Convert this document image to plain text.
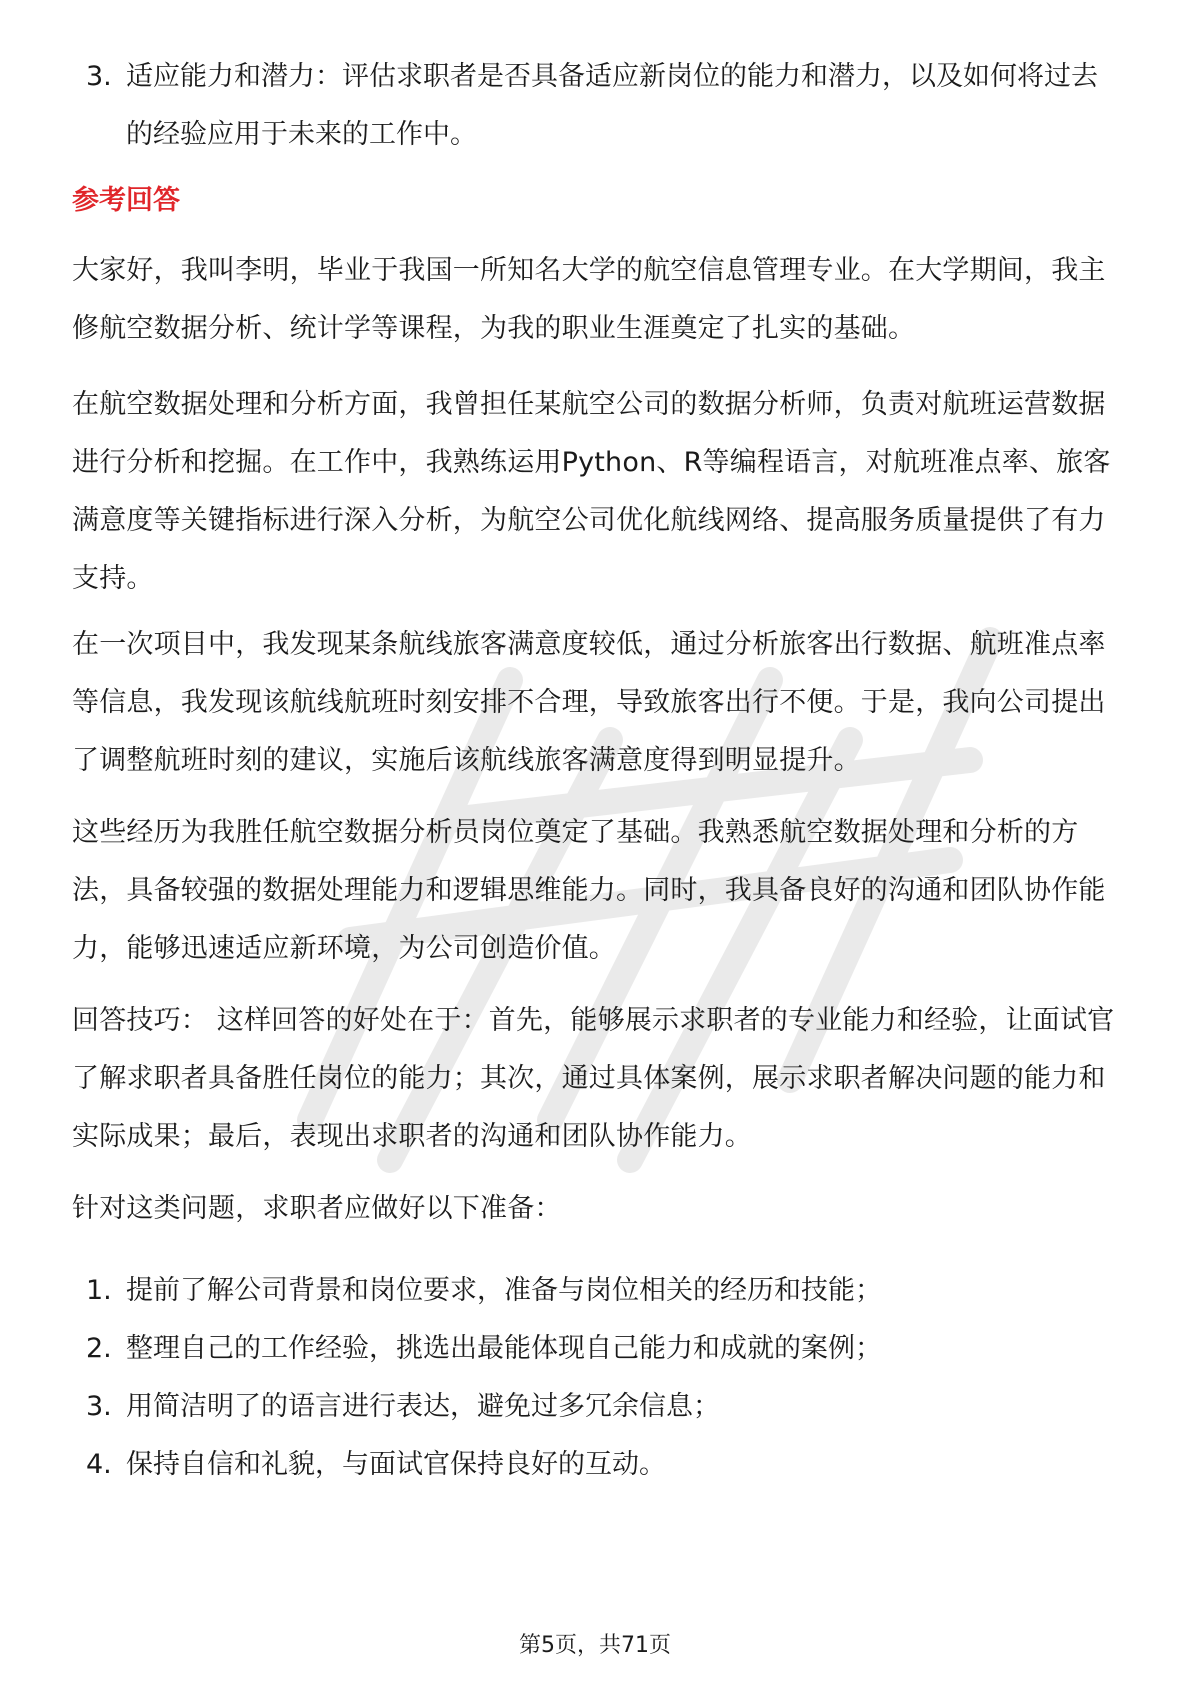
3. 适应能力和潜力：评估求职者是否具备适应新岗位的能力和潜力，以及如何将过去的经验应用于未来的工作中。
参考回答

大家好，我叫李明，毕业于我国一所知名大学的航空信息管理专业。在大学期间，我主修航空数据分析、统计学等课程，为我的职业生涯奠定了扎实的基础。

在航空数据处理和分析方面，我曾担任某航空公司的数据分析师，负责对航班运营数据进行分析和挖掘。在工作中，我熟练运用Python、R等编程语言，对航班准点率、旅客满意度等关键指标进行深入分析，为航空公司优化航线网络、提高服务质量提供了有力支持。

在一次项目中，我发现某条航线旅客满意度较低，通过分析旅客出行数据、航班准点率等信息，我发现该航线航班时刻安排不合理，导致旅客出行不便。于是，我向公司提出了调整航班时刻的建议，实施后该航线旅客满意度得到明显提升。

这些经历为我胜任航空数据分析员岗位奠定了基础。我熟悉航空数据处理和分析的方法，具备较强的数据处理能力和逻辑思维能力。同时，我具备良好的沟通和团队协作能力，能够迅速适应新环境，为公司创造价值。

回答技巧： 这样回答的好处在于：首先，能够展示求职者的专业能力和经验，让面试官了解求职者具备胜任岗位的能力；其次，通过具体案例，展示求职者解决问题的能力和实际成果；最后，表现出求职者的沟通和团队协作能力。

针对这类问题，求职者应做好以下准备：

1. 提前了解公司背景和岗位要求，准备与岗位相关的经历和技能；
2. 整理自己的工作经验，挑选出最能体现自己能力和成就的案例；
3. 用简洁明了的语言进行表达，避免过多冗余信息；
4. 保持自信和礼貌，与面试官保持良好的互动。
第5页，共71页
